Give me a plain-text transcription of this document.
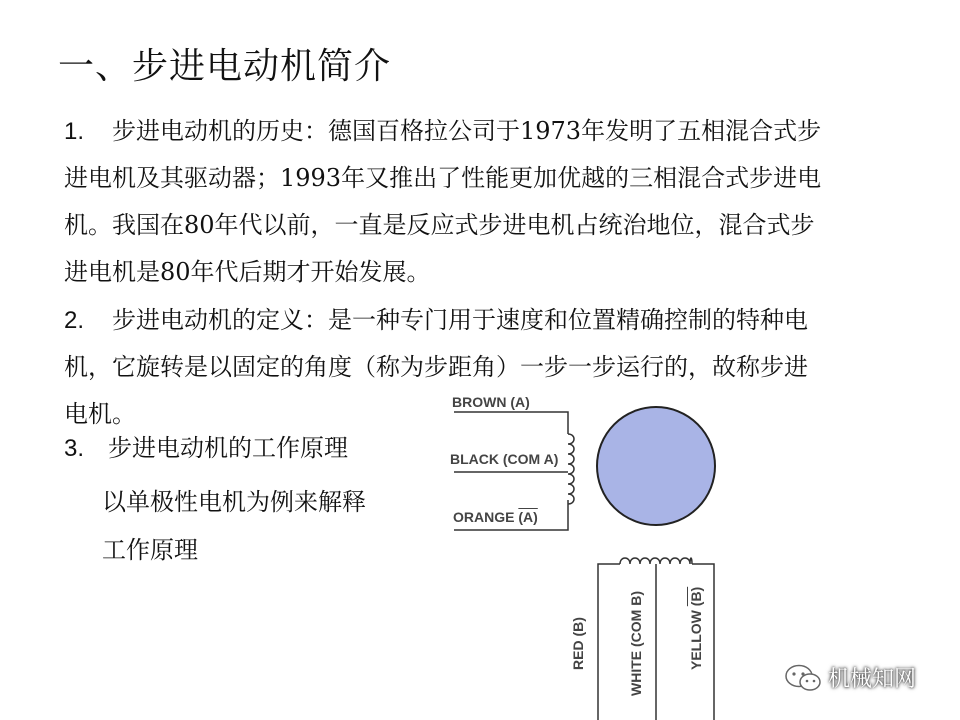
一、步进电动机简介
1. 步进电动机的历史：德国百格拉公司于1973年发明了五相混合式步进电机及其驱动器；1993年又推出了性能更加优越的三相混合式步进电机。我国在80年代以前，一直是反应式步进电机占统治地位，混合式步进电机是80年代后期才开始发展。
2. 步进电动机的定义：是一种专门用于速度和位置精确控制的特种电机，它旋转是以固定的角度（称为步距角）一步一步运行的，故称步进电机。
3. 步进电动机的工作原理
以单极性电机为例来解释
工作原理
BROWN (A)
BLACK (COM A)
ORANGE (A)
RED (B)	WHITE (COM B)	YELLOW (B)
机械知网
